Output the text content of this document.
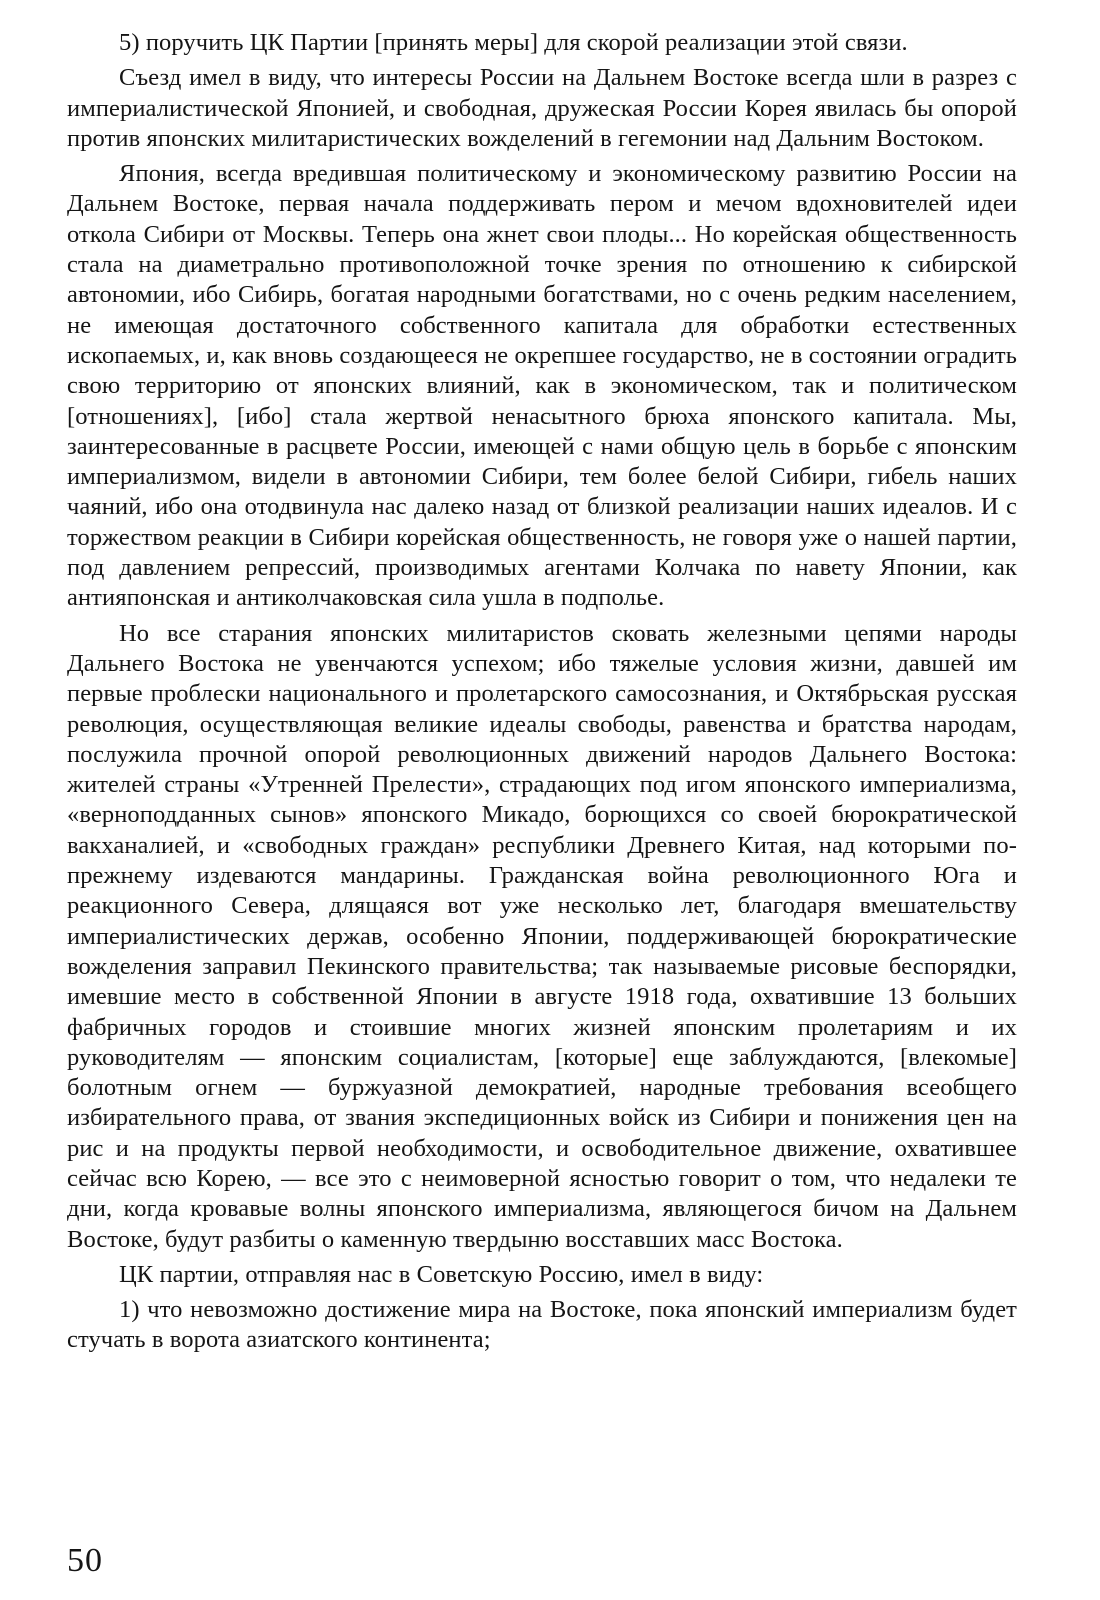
5) поручить ЦК Партии [принять меры] для скорой реализации этой связи.

Съезд имел в виду, что интересы России на Дальнем Востоке всегда шли в разрез с империалистической Японией, и свободная, дружеская России Корея явилась бы опорой против японских милитаристических вожделений в гегемонии над Дальним Востоком.

Япония, всегда вредившая политическому и экономическому развитию России на Дальнем Востоке, первая начала поддерживать пером и мечом вдохновителей идеи откола Сибири от Москвы. Теперь она жнет свои плоды... Но корейская общественность стала на диаметрально противоположной точке зрения по отношению к сибирской автономии, ибо Сибирь, богатая народными богатствами, но с очень редким населением, не имеющая достаточного собственного капитала для обработки естественных ископаемых, и, как вновь создающееся не окрепшее государство, не в состоянии оградить свою территорию от японских влияний, как в экономическом, так и политическом [отношениях], [ибо] стала жертвой ненасытного брюха японского капитала. Мы, заинтересованные в расцвете России, имеющей с нами общую цель в борьбе с японским империализмом, видели в автономии Сибири, тем более белой Сибири, гибель наших чаяний, ибо она отодвинула нас далеко назад от близкой реализации наших идеалов. И с торжеством реакции в Сибири корейская общественность, не говоря уже о нашей партии, под давлением репрессий, производимых агентами Колчака по навету Японии, как антияпонская и антиколчаковская сила ушла в подполье.

Но все старания японских милитаристов сковать железными цепями народы Дальнего Востока не увенчаются успехом; ибо тяжелые условия жизни, давшей им первые проблески национального и пролетарского самосознания, и Октябрьская русская революция, осуществляющая великие идеалы свободы, равенства и братства народам, послужила прочной опорой революционных движений народов Дальнего Востока: жителей страны «Утренней Прелести», страдающих под игом японского империализма, «верноподданных сынов» японского Микадо, борющихся со своей бюрократической вакханалией, и «свободных граждан» республики Древнего Китая, над которыми по-прежнему издеваются мандарины. Гражданская война революционного Юга и реакционного Севера, длящаяся вот уже несколько лет, благодаря вмешательству империалистических держав, особенно Японии, поддерживающей бюрократические вожделения заправил Пекинского правительства; так называемые рисовые беспорядки, имевшие место в собственной Японии в августе 1918 года, охватившие 13 больших фабричных городов и стоившие многих жизней японским пролетариям и их руководителям — японским социалистам, [которые] еще заблуждаются, [влекомые] болотным огнем — буржуазной демократией, народные требования всеобщего избирательного права, от звания экспедиционных войск из Сибири и понижения цен на рис и на продукты первой необходимости, и освободительное движение, охватившее сейчас всю Корею, — все это с неимоверной ясностью говорит о том, что недалеки те дни, когда кровавые волны японского империализма, являющегося бичом на Дальнем Востоке, будут разбиты о каменную твердыню восставших масс Востока.

ЦК партии, отправляя нас в Советскую Россию, имел в виду:

1) что невозможно достижение мира на Востоке, пока японский империализм будет стучать в ворота азиатского континента;

50
